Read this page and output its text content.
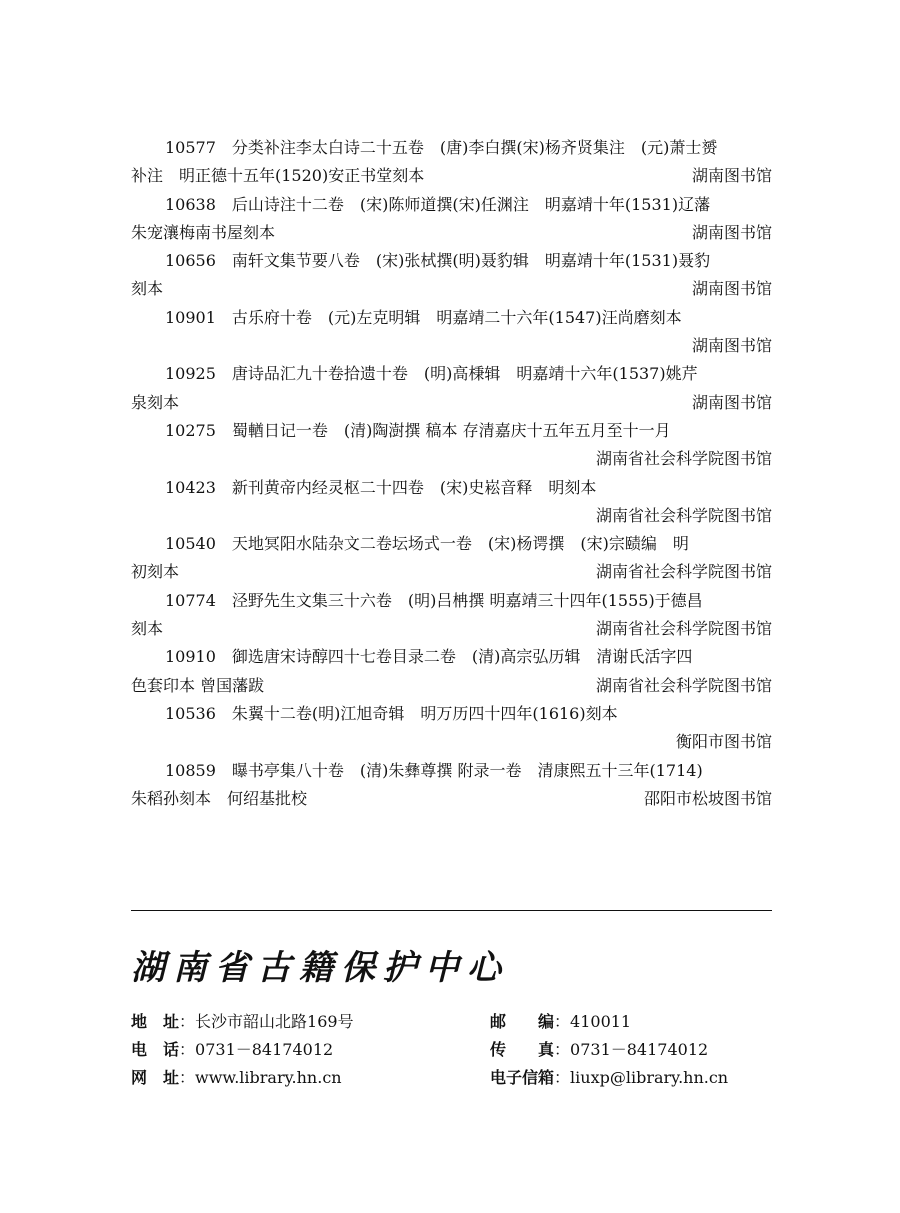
10577 分类补注李太白诗二十五卷　(唐)李白撰(宋)杨齐贤集注　(元)萧士赟
补注　明正德十五年(1520)安正书堂刻本	湖南图书馆
10638 后山诗注十二卷　(宋)陈师道撰(宋)任渊注　明嘉靖十年(1531)辽藩
朱宠瀼梅南书屋刻本	湖南图书馆
10656 南轩文集节要八卷　(宋)张栻撰(明)聂豹辑　明嘉靖十年(1531)聂豹
刻本	湖南图书馆
10901 古乐府十卷　(元)左克明辑　明嘉靖二十六年(1547)汪尚磨刻本
湖南图书馆
10925 唐诗品汇九十卷拾遗十卷　(明)高棅辑　明嘉靖十六年(1537)姚芹
泉刻本	湖南图书馆
10275 蜀輶日记一卷　(清)陶澍撰 稿本 存清嘉庆十五年五月至十一月
湖南省社会科学院图书馆
10423 新刊黄帝内经灵枢二十四卷　(宋)史崧音释　明刻本
湖南省社会科学院图书馆
10540 天地冥阳水陆杂文二卷坛场式一卷　(宋)杨谔撰　(宋)宗赜编　明
初刻本	湖南省社会科学院图书馆
10774 泾野先生文集三十六卷　(明)吕柟撰 明嘉靖三十四年(1555)于德昌
刻本	湖南省社会科学院图书馆
10910 御选唐宋诗醇四十七卷目录二卷　(清)高宗弘历辑　清谢氏活字四
色套印本 曾国藩跋	湖南省社会科学院图书馆
10536 朱翼十二卷(明)江旭奇辑　明万历四十四年(1616)刻本
衡阳市图书馆
10859 曝书亭集八十卷　(清)朱彝尊撰 附录一卷　清康熙五十三年(1714)
朱稻孙刻本　何绍基批校	邵阳市松坡图书馆
湖南省古籍保护中心
地　址：长沙市韶山北路169号	邮　　编：410011
电　话：0731－84174012	传　　真：0731－84174012
网　址：www.library.hn.cn	电子信箱：liuxp@library.hn.cn
